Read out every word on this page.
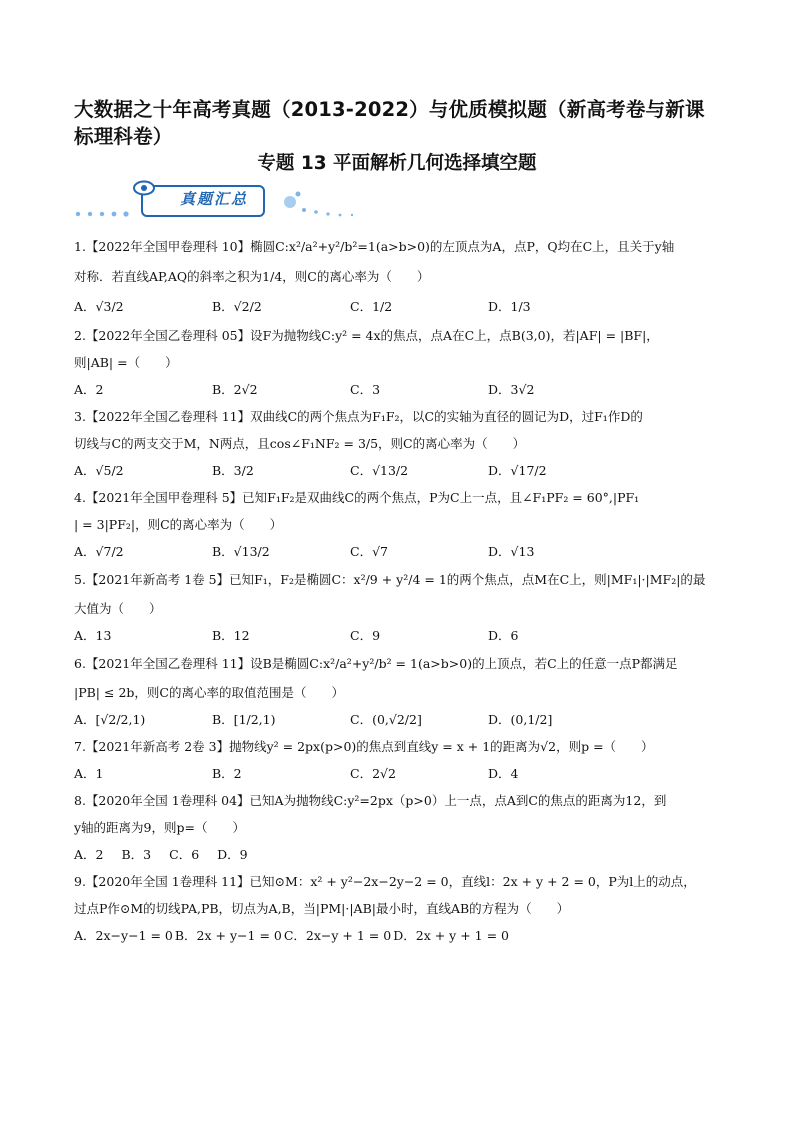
大数据之十年高考真题（2013-2022）与优质模拟题（新高考卷与新课标理科卷）
专题 13 平面解析几何选择填空题
真题汇总
1.【2022年全国甲卷理科 10】椭圆C:x²/a²+y²/b²=1(a>b>0)的左顶点为A，点P，Q均在C上，且关于y轴
对称．若直线AP,AQ的斜率之积为1/4，则C的离心率为（　　）
A．√3/2	B．√2/2	C．1/2	D．1/3
2.【2022年全国乙卷理科 05】设F为抛物线C:y² = 4x的焦点，点A在C上，点B(3,0)，若|AF| = |BF|，
则|AB| =（　　）
A．2	B．2√2	C．3	D．3√2
3.【2022年全国乙卷理科 11】双曲线C的两个焦点为F₁F₂，以C的实轴为直径的圆记为D，过F₁作D的
切线与C的两支交于M，N两点，且cos∠F₁NF₂ = 3/5，则C的离心率为（　　）
A．√5/2	B．3/2	C．√13/2	D．√17/2
4.【2021年全国甲卷理科 5】已知F₁F₂是双曲线C的两个焦点，P为C上一点，且∠F₁PF₂ = 60°,|PF₁
| = 3|PF₂|，则C的离心率为（　　）
A．√7/2	B．√13/2	C．√7	D．√13
5.【2021年新高考 1卷 5】已知F₁，F₂是椭圆C：x²/9 + y²/4 = 1的两个焦点，点M在C上，则|MF₁|·|MF₂|的最
大值为（　　）
A．13	B．12	C．9	D．6
6.【2021年全国乙卷理科 11】设B是椭圆C:x²/a²+y²/b² = 1(a>b>0)的上顶点，若C上的任意一点P都满足
|PB| ≤ 2b，则C的离心率的取值范围是（　　）
A．[√2/2,1)	B．[1/2,1)	C．(0,√2/2]	D．(0,1/2]
7.【2021年新高考 2卷 3】抛物线y² = 2px(p>0)的焦点到直线y = x + 1的距离为√2，则p =（　　）
A．1	B．2	C．2√2	D．4
8.【2020年全国 1卷理科 04】已知A为抛物线C:y²=2px（p>0）上一点，点A到C的焦点的距离为12，到
y轴的距离为9，则p=（　　）
A．2 B．3 C．6 D．9
9.【2020年全国 1卷理科 11】已知⊙M：x² + y²−2x−2y−2 = 0，直线l：2x + y + 2 = 0，P为l上的动点，
过点P作⊙M的切线PA,PB，切点为A,B，当|PM|·|AB|最小时，直线AB的方程为（　　）
A．2x−y−1 = 0 B．2x + y−1 = 0 C．2x−y + 1 = 0 D．2x + y + 1 = 0
